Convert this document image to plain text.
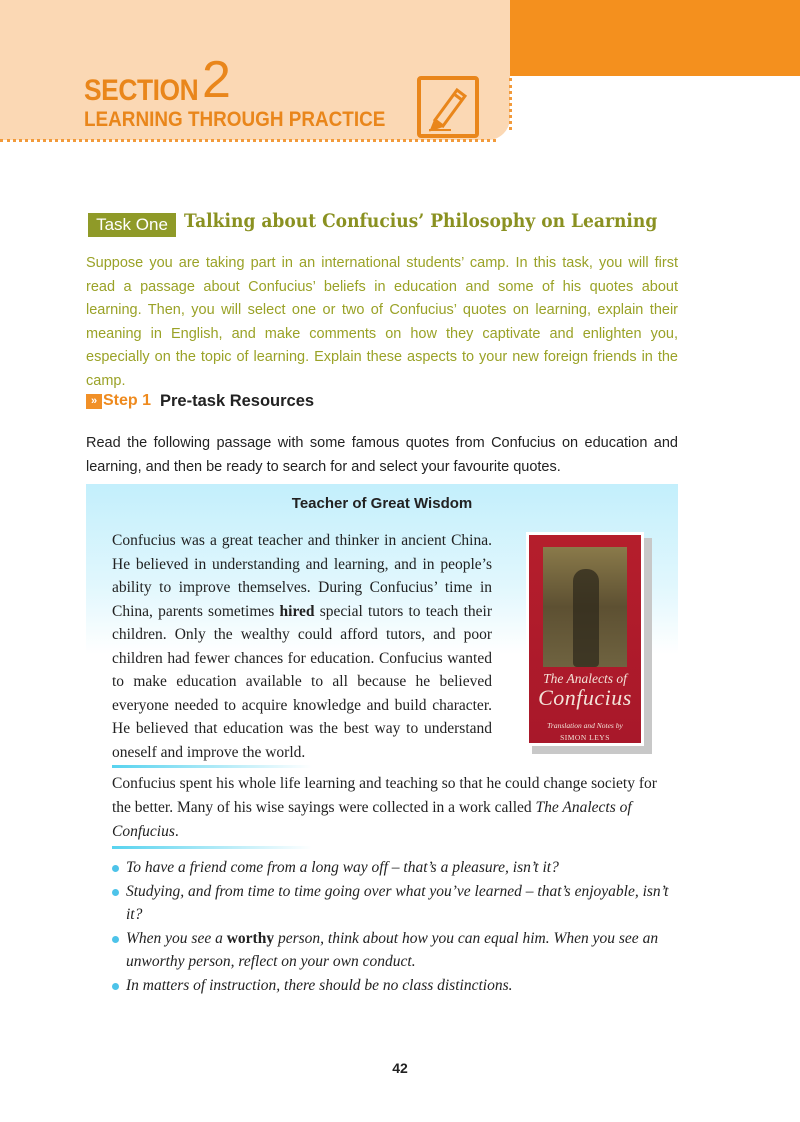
SECTION 2
LEARNING THROUGH PRACTICE
Task One Talking about Confucius’ Philosophy on Learning
Suppose you are taking part in an international students’ camp. In this task, you will first read a passage about Confucius’ beliefs in education and some of his quotes about learning. Then, you will select one or two of Confucius’ quotes on learning, explain their meaning in English, and make comments on how they captivate and enlighten you, especially on the topic of learning. Explain these aspects to your new foreign friends in the camp.
» Step 1 Pre-task Resources
Read the following passage with some famous quotes from Confucius on education and learning, and then be ready to search for and select your favourite quotes.
Teacher of Great Wisdom
Confucius was a great teacher and thinker in ancient China. He believed in understanding and learning, and in people’s ability to improve themselves. During Confucius’ time in China, parents sometimes hired special tutors to teach their children. Only the wealthy could afford tutors, and poor children had fewer chances for education. Confucius wanted to make education available to all because he believed everyone needed to acquire knowledge and build character. He believed that education was the best way to understand oneself and improve the world.
The Analects of
Confucius
Translation and Notes by
SIMON LEYS
Confucius spent his whole life learning and teaching so that he could change society for the better. Many of his wise sayings were collected in a work called The Analects of Confucius.
To have a friend come from a long way off – that’s a pleasure, isn’t it?
Studying, and from time to time going over what you’ve learned – that’s enjoyable, isn’t it?
When you see a worthy person, think about how you can equal him. When you see an unworthy person, reflect on your own conduct.
In matters of instruction, there should be no class distinctions.
42
